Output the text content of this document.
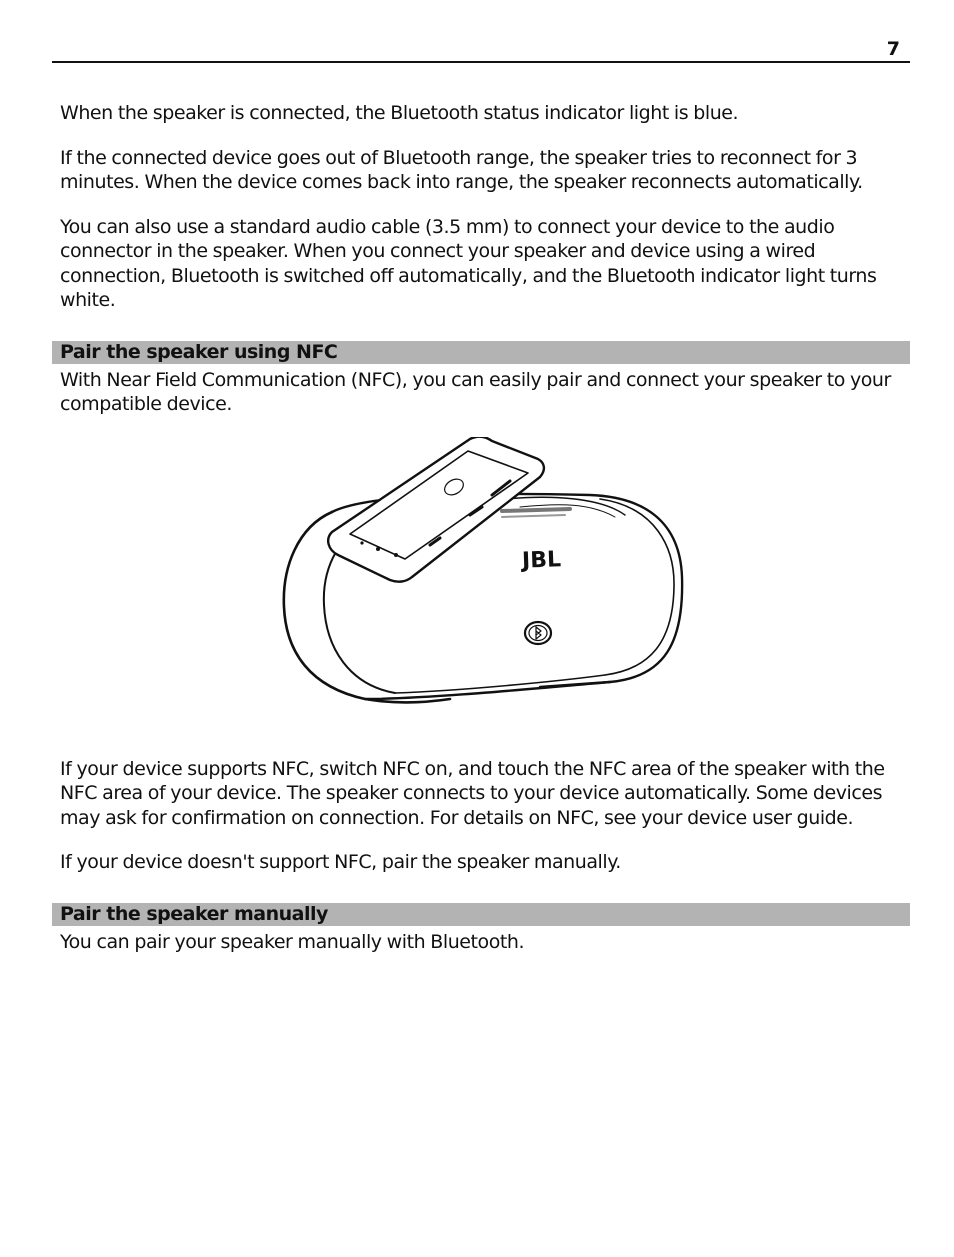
7

When the speaker is connected, the Bluetooth status indicator light is blue.

If the connected device goes out of Bluetooth range, the speaker tries to reconnect for 3 minutes. When the device comes back into range, the speaker reconnects automatically.

You can also use a standard audio cable (3.5 mm) to connect your device to the audio connector in the speaker. When you connect your speaker and device using a wired connection, Bluetooth is switched off automatically, and the Bluetooth indicator light turns white.

Pair the speaker using NFC

With Near Field Communication (NFC), you can easily pair and connect your speaker to your compatible device.

JBL

If your device supports NFC, switch NFC on, and touch the NFC area of the speaker with the NFC area of your device. The speaker connects to your device automatically. Some devices may ask for confirmation on connection. For details on NFC, see your device user guide.

If your device doesn't support NFC, pair the speaker manually.

Pair the speaker manually

You can pair your speaker manually with Bluetooth.
